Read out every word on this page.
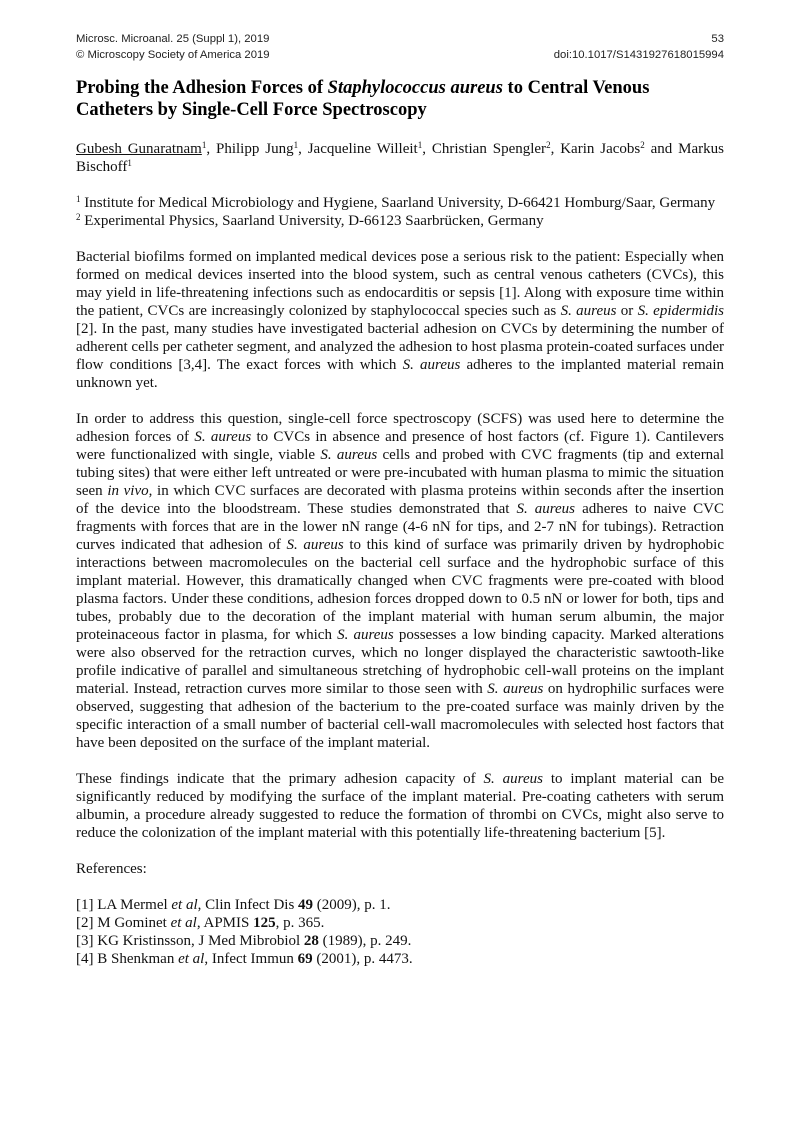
Microsc. Microanal. 25 (Suppl 1), 2019	53
© Microscopy Society of America 2019	doi:10.1017/S1431927618015994
Probing the Adhesion Forces of Staphylococcus aureus to Central Venous Catheters by Single-Cell Force Spectroscopy
Gubesh Gunaratnam$^1$, Philipp Jung$^1$, Jacqueline Willeit$^1$, Christian Spengler$^2$, Karin Jacobs$^2$ and Markus Bischoff$^1$
$^1$ Institute for Medical Microbiology and Hygiene, Saarland University, D-66421 Homburg/Saar, Germany
$^2$ Experimental Physics, Saarland University, D-66123 Saarbrücken, Germany

Bacterial biofilms formed on implanted medical devices pose a serious risk to the patient: Especially when formed on medical devices inserted into the blood system, such as central venous catheters (CVCs), this may yield in life-threatening infections such as endocarditis or sepsis [1]. Along with exposure time within the patient, CVCs are increasingly colonized by staphylococcal species such as S. aureus or S. epidermidis [2]. In the past, many studies have investigated bacterial adhesion on CVCs by determining the number of adherent cells per catheter segment, and analyzed the adhesion to host plasma protein-coated surfaces under flow conditions [3,4]. The exact forces with which S. aureus adheres to the implanted material remain unknown yet.

In order to address this question, single-cell force spectroscopy (SCFS) was used here to determine the adhesion forces of S. aureus to CVCs in absence and presence of host factors (cf. Figure 1). Cantilevers were functionalized with single, viable S. aureus cells and probed with CVC fragments (tip and external tubing sites) that were either left untreated or were pre-incubated with human plasma to mimic the situation seen in vivo, in which CVC surfaces are decorated with plasma proteins within seconds after the insertion of the device into the bloodstream. These studies demonstrated that S. aureus adheres to naive CVC fragments with forces that are in the lower nN range (4-6 nN for tips, and 2-7 nN for tubings). Retraction curves indicated that adhesion of S. aureus to this kind of surface was primarily driven by hydrophobic interactions between macromolecules on the bacterial cell surface and the hydrophobic surface of this implant material. However, this dramatically changed when CVC fragments were pre-coated with blood plasma factors. Under these conditions, adhesion forces dropped down to 0.5 nN or lower for both, tips and tubes, probably due to the decoration of the implant material with human serum albumin, the major proteinaceous factor in plasma, for which S. aureus possesses a low binding capacity. Marked alterations were also observed for the retraction curves, which no longer displayed the characteristic sawtooth-like profile indicative of parallel and simultaneous stretching of hydrophobic cell-wall proteins on the implant material. Instead, retraction curves more similar to those seen with S. aureus on hydrophilic surfaces were observed, suggesting that adhesion of the bacterium to the pre-coated surface was mainly driven by the specific interaction of a small number of bacterial cell-wall macromolecules with selected host factors that have been deposited on the surface of the implant material.

These findings indicate that the primary adhesion capacity of S. aureus to implant material can be significantly reduced by modifying the surface of the implant material. Pre-coating catheters with serum albumin, a procedure already suggested to reduce the formation of thrombi on CVCs, might also serve to reduce the colonization of the implant material with this potentially life-threatening bacterium [5].

References:
[1] LA Mermel et al, Clin Infect Dis 49 (2009), p. 1.
[2] M Gominet et al, APMIS 125, p. 365.
[3] KG Kristinsson, J Med Mibrobiol 28 (1989), p. 249.
[4] B Shenkman et al, Infect Immun 69 (2001), p. 4473.
